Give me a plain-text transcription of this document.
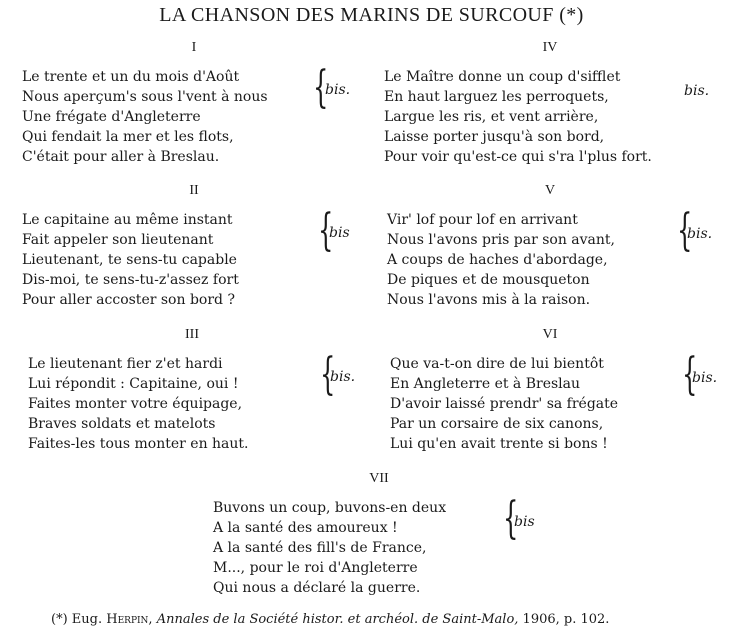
LA CHANSON DES MARINS DE SURCOUF (*)
I
Le trente et un du mois d'Août
Nous aperçum's sous l'vent à nous
Une frégate d'Angleterre
Qui fendait la mer et les flots,
C'était pour aller à Breslau.
{
bis.
II
Le capitaine au même instant
Fait appeler son lieutenant
Lieutenant, te sens-tu capable
Dis-moi, te sens-tu-z'assez fort
Pour aller accoster son bord ?
{
bis
III
Le lieutenant fier z'et hardi
Lui répondit : Capitaine, oui !
Faites monter votre équipage,
Braves soldats et matelots
Faites-les tous monter en haut.
{
bis.
IV
Le Maître donne un coup d'sifflet
En haut larguez les perroquets,
Largue les ris, et vent arrière,
Laisse porter jusqu'à son bord,
Pour voir qu'est-ce qui s'ra l'plus fort.
bis.
V
Vir' lof pour lof en arrivant
Nous l'avons pris par son avant,
A coups de haches d'abordage,
De piques et de mousqueton
Nous l'avons mis à la raison.
{
bis.
VI
Que va-t-on dire de lui bientôt
En Angleterre et à Breslau
D'avoir laissé prendr' sa frégate
Par un corsaire de six canons,
Lui qu'en avait trente si bons !
{
bis.
VII
Buvons un coup, buvons-en deux
A la santé des amoureux !
A la santé des fill's de France,
M..., pour le roi d'Angleterre
Qui nous a déclaré la guerre.
{
bis
(*) Eug. Herpin, Annales de la Société histor. et archéol. de Saint-Malo, 1906, p. 102.
